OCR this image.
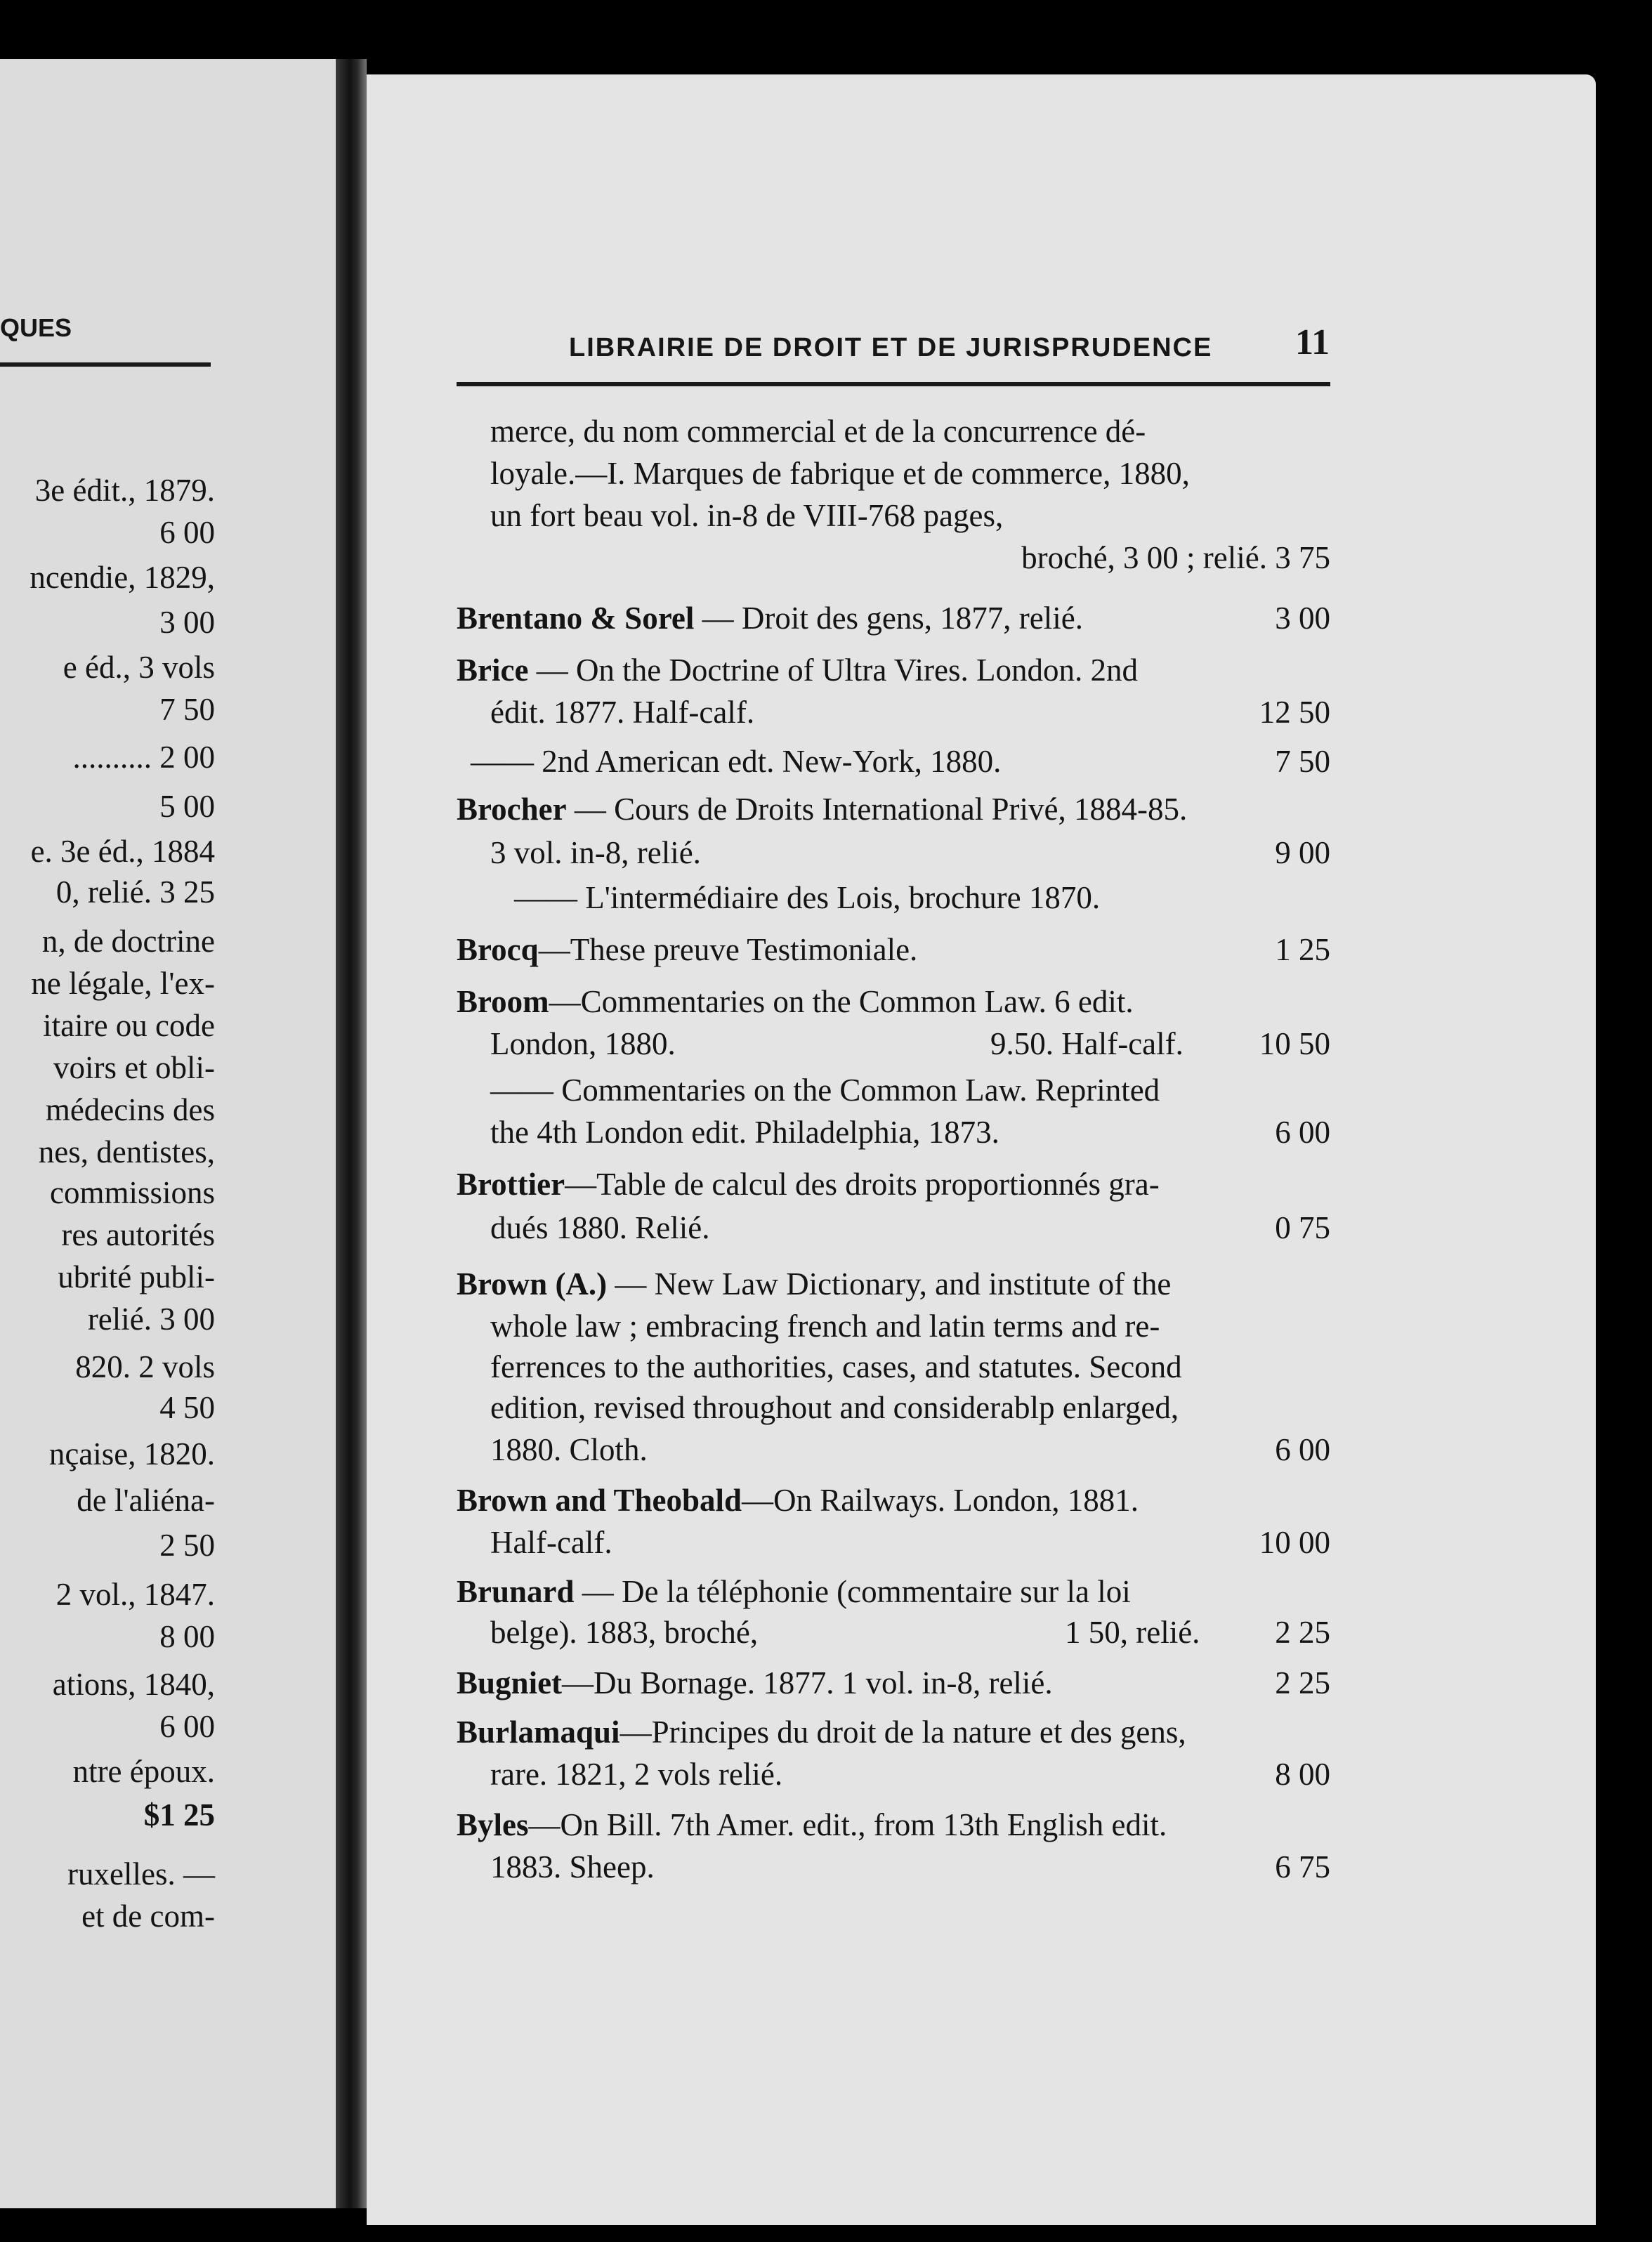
QUES
3e édit., 1879.
6 00
ncendie, 1829,
3 00
e éd., 3 vols
7 50
.......... 2 00
5 00
e. 3e éd., 1884
0, relié. 3 25
n, de doctrine
ne légale, l'ex-
itaire ou code
voirs et obli-
médecins des
nes, dentistes,
commissions
res autorités
ubrité publi-
relié. 3 00
820. 2 vols
4 50
nçaise, 1820.
de l'aliéna-
2 50
2 vol., 1847.
8 00
ations, 1840,
6 00
ntre époux.
$1 25
ruxelles. —
et de com-
LIBRAIRIE DE DROIT ET DE JURISPRUDENCE 11
merce, du nom commercial et de la concurrence dé-
loyale.—I. Marques de fabrique et de commerce, 1880,
un fort beau vol. in-8 de VIII-768 pages,
broché, 3 00 ; relié. 3 75
Brentano & Sorel — Droit des gens, 1877, relié.	3 00
Brice — On the Doctrine of Ultra Vires. London. 2nd
édit. 1877. Half-calf.	12 50
—— 2nd American edt. New-York, 1880.	7 50
Brocher — Cours de Droits International Privé, 1884-85.
3 vol. in-8, relié.	9 00
—— L'intermédiaire des Lois, brochure 1870.
Brocq—These preuve Testimoniale.	1 25
Broom—Commentaries on the Common Law. 6 edit.
London, 1880.	9.50. Half-calf. 10 50
—— Commentaries on the Common Law. Reprinted
the 4th London edit. Philadelphia, 1873.	6 00
Brottier—Table de calcul des droits proportionnés gra-
dués 1880. Relié.	0 75
Brown (A.) — New Law Dictionary, and institute of the
whole law ; embracing french and latin terms and re-
ferrences to the authorities, cases, and statutes. Second
edition, revised throughout and considerablp enlarged,
1880. Cloth.	6 00
Brown and Theobald—On Railways. London, 1881.
Half-calf.	10 00
Brunard — De la téléphonie (commentaire sur la loi
belge). 1883, broché,	1 50, relié. 2 25
Bugniet—Du Bornage. 1877. 1 vol. in-8, relié.	2 25
Burlamaqui—Principes du droit de la nature et des gens,
rare. 1821, 2 vols relié.	8 00
Byles—On Bill. 7th Amer. edit., from 13th English edit.
1883. Sheep.	6 75
